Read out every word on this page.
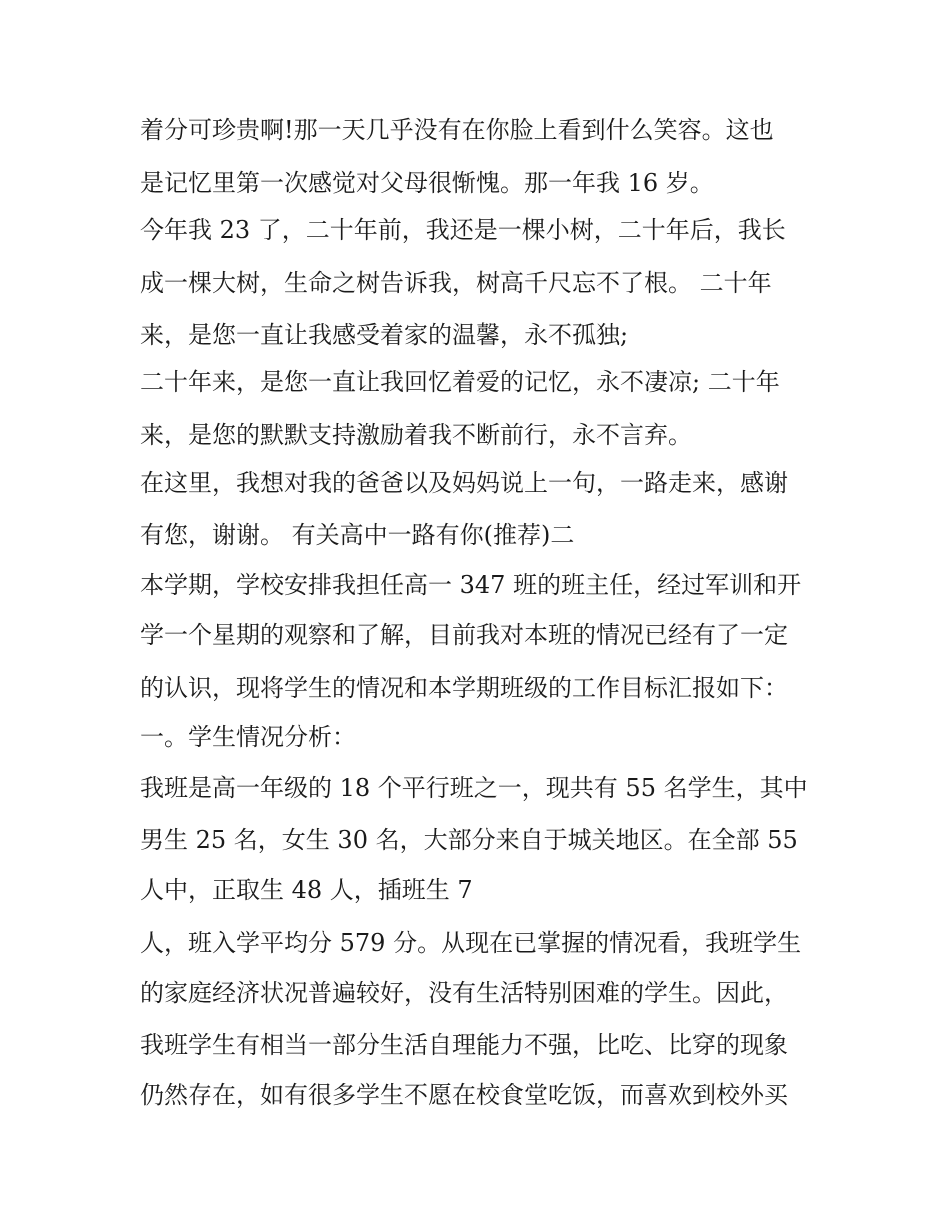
着分可珍贵啊!那一天几乎没有在你脸上看到什么笑容。这也
是记忆里第一次感觉对父母很惭愧。那一年我 16 岁。
今年我 23 了，二十年前，我还是一棵小树，二十年后，我长
成一棵大树，生命之树告诉我，树高千尺忘不了根。 二十年
来，是您一直让我感受着家的温馨，永不孤独;
二十年来，是您一直让我回忆着爱的记忆，永不凄凉; 二十年
来，是您的默默支持激励着我不断前行，永不言弃。
在这里，我想对我的爸爸以及妈妈说上一句，一路走来，感谢
有您，谢谢。 有关高中一路有你(推荐)二
本学期，学校安排我担任高一 347 班的班主任，经过军训和开
学一个星期的观察和了解，目前我对本班的情况已经有了一定
的认识，现将学生的情况和本学期班级的工作目标汇报如下：
一。学生情况分析：
我班是高一年级的 18 个平行班之一，现共有 55 名学生，其中
男生 25 名，女生 30 名，大部分来自于城关地区。在全部 55
人中，正取生 48 人，插班生 7
人，班入学平均分 579 分。从现在已掌握的情况看，我班学生
的家庭经济状况普遍较好，没有生活特别困难的学生。因此，
我班学生有相当一部分生活自理能力不强，比吃、比穿的现象
仍然存在，如有很多学生不愿在校食堂吃饭，而喜欢到校外买
